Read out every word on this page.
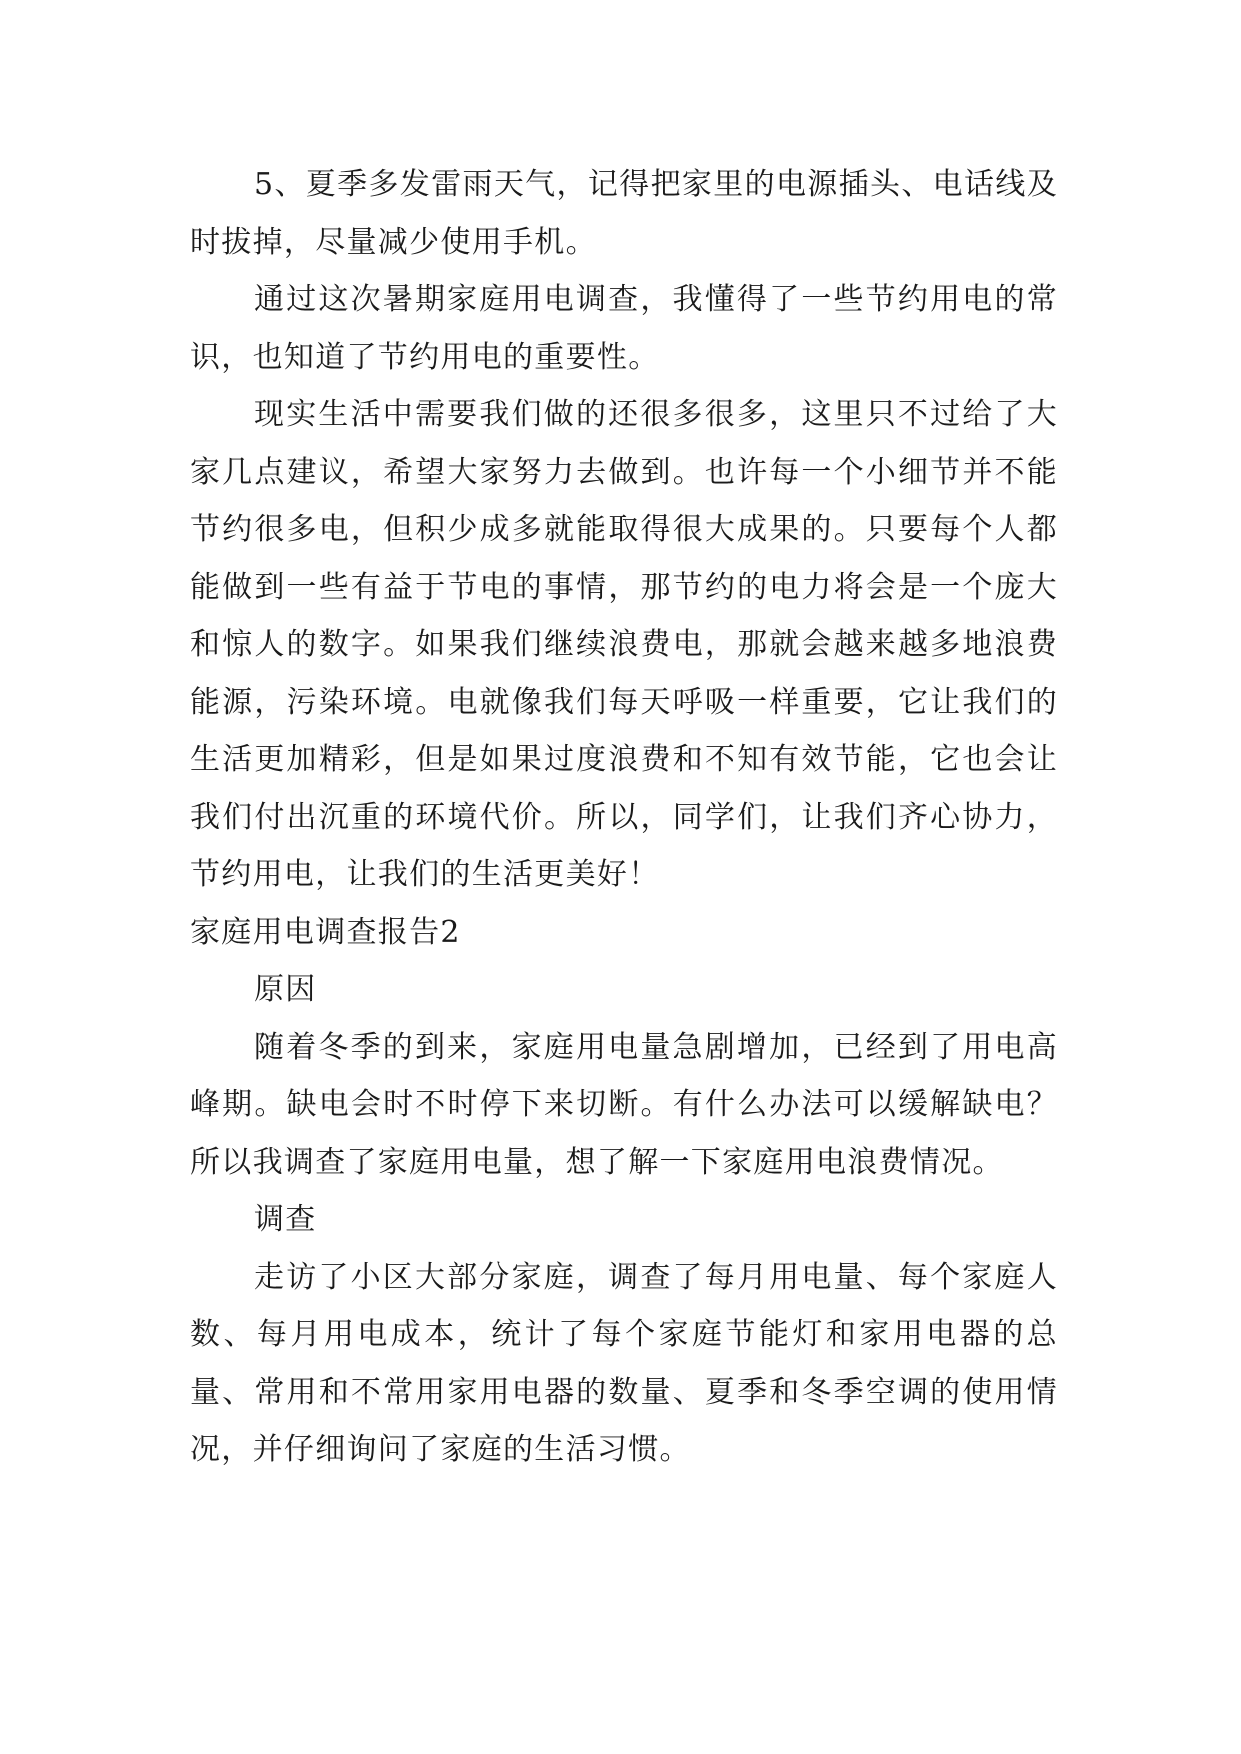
5、夏季多发雷雨天气，记得把家里的电源插头、电话线及时拔掉，尽量减少使用手机。

通过这次暑期家庭用电调查，我懂得了一些节约用电的常识，也知道了节约用电的重要性。

现实生活中需要我们做的还很多很多，这里只不过给了大家几点建议，希望大家努力去做到。也许每一个小细节并不能节约很多电，但积少成多就能取得很大成果的。只要每个人都能做到一些有益于节电的事情，那节约的电力将会是一个庞大和惊人的数字。如果我们继续浪费电，那就会越来越多地浪费能源，污染环境。电就像我们每天呼吸一样重要，它让我们的生活更加精彩，但是如果过度浪费和不知有效节能，它也会让我们付出沉重的环境代价。所以，同学们，让我们齐心协力，节约用电，让我们的生活更美好！

家庭用电调查报告2

原因

随着冬季的到来，家庭用电量急剧增加，已经到了用电高峰期。缺电会时不时停下来切断。有什么办法可以缓解缺电？所以我调查了家庭用电量，想了解一下家庭用电浪费情况。

调查

走访了小区大部分家庭，调查了每月用电量、每个家庭人数、每月用电成本，统计了每个家庭节能灯和家用电器的总量、常用和不常用家用电器的数量、夏季和冬季空调的使用情况，并仔细询问了家庭的生活习惯。
